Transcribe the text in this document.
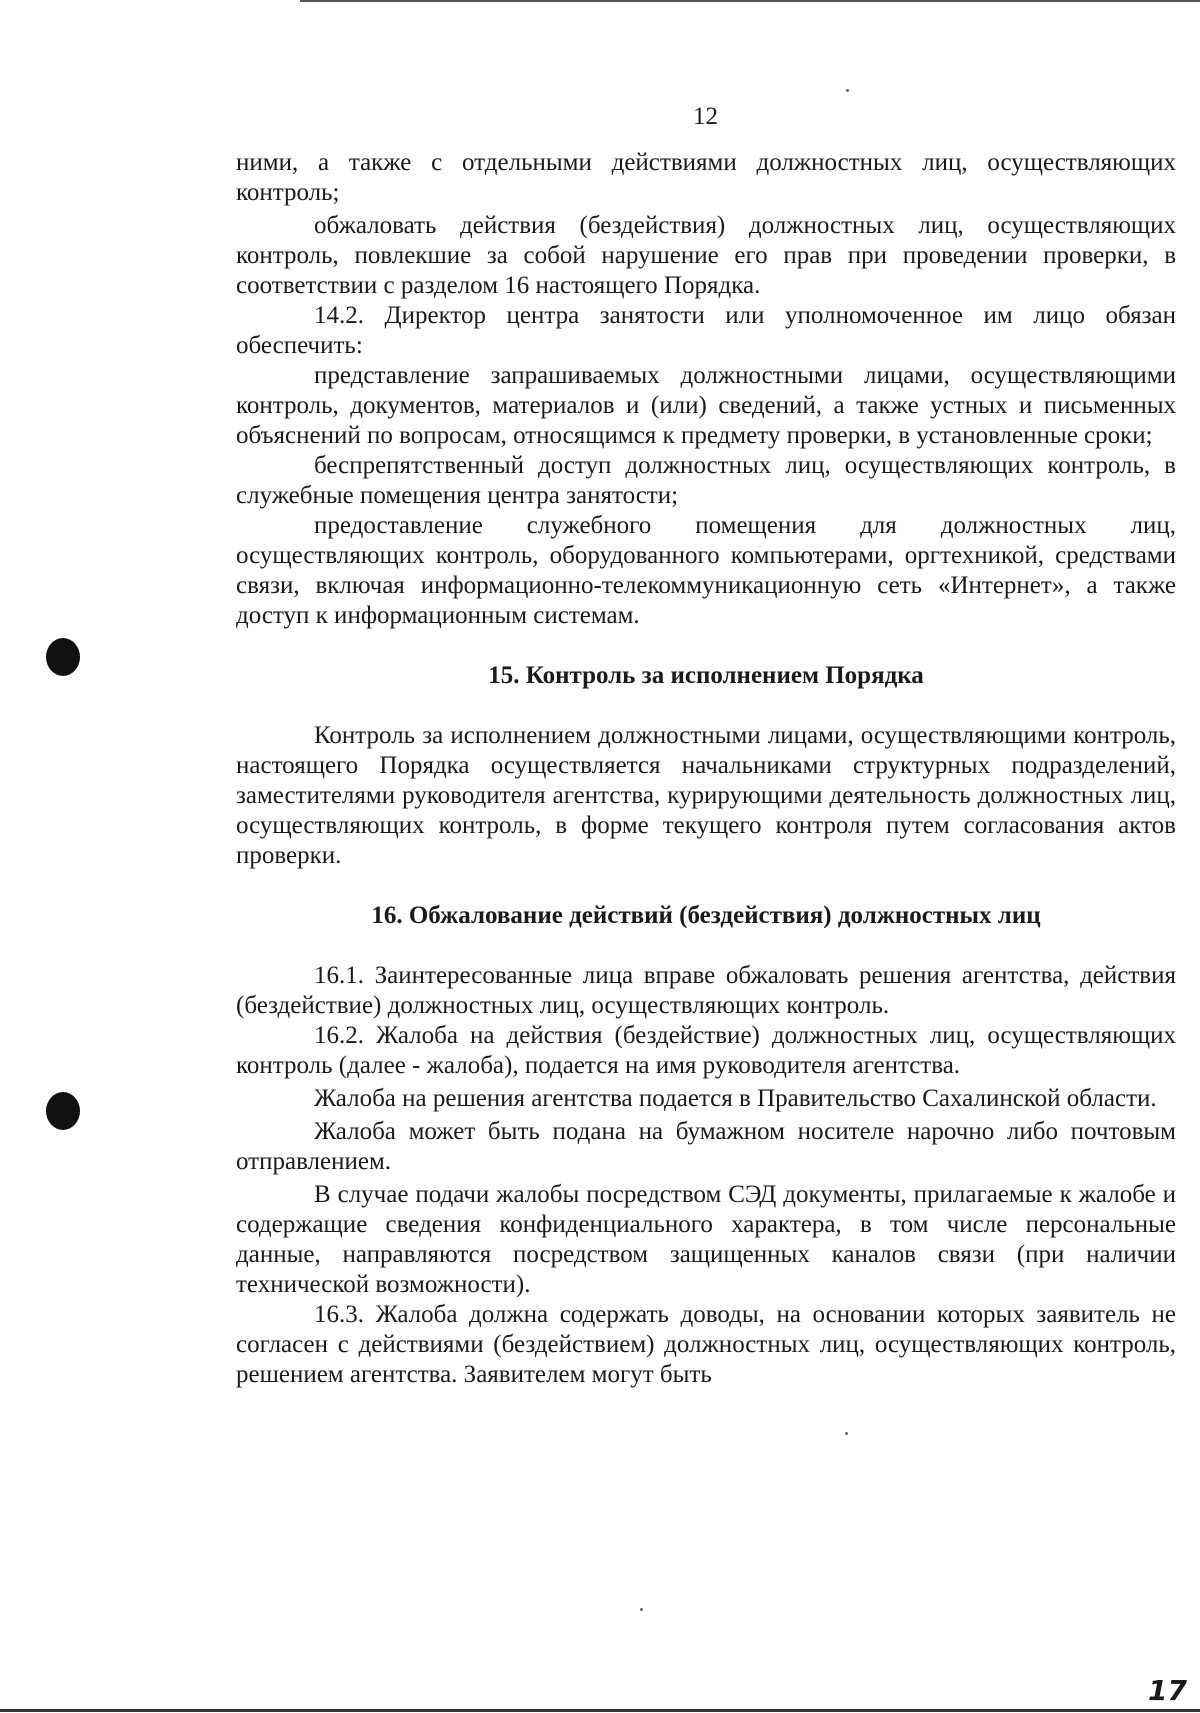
12

ними, а также с отдельными действиями должностных лиц, осуществляющих контроль;

обжаловать действия (бездействия) должностных лиц, осуществляющих контроль, повлекшие за собой нарушение его прав при проведении проверки, в соответствии с разделом 16 настоящего Порядка.

14.2. Директор центра занятости или уполномоченное им лицо обязан обеспечить:

представление запрашиваемых должностными лицами, осуществляющими контроль, документов, материалов и (или) сведений, а также устных и письменных объяснений по вопросам, относящимся к предмету проверки, в установленные сроки;

беспрепятственный доступ должностных лиц, осуществляющих контроль, в служебные помещения центра занятости;

предоставление служебного помещения для должностных лиц, осуществляющих контроль, оборудованного компьютерами, оргтехникой, средствами связи, включая информационно-телекоммуникационную сеть «Интернет», а также доступ к информационным системам.

15. Контроль за исполнением Порядка

Контроль за исполнением должностными лицами, осуществляющими контроль, настоящего Порядка осуществляется начальниками структурных подразделений, заместителями руководителя агентства, курирующими деятельность должностных лиц, осуществляющих контроль, в форме текущего контроля путем согласования актов проверки.

16. Обжалование действий (бездействия) должностных лиц

16.1. Заинтересованные лица вправе обжаловать решения агентства, действия (бездействие) должностных лиц, осуществляющих контроль.

16.2. Жалоба на действия (бездействие) должностных лиц, осуществляющих контроль (далее - жалоба), подается на имя руководителя агентства.

Жалоба на решения агентства подается в Правительство Сахалинской области.

Жалоба может быть подана на бумажном носителе нарочно либо почтовым отправлением.

В случае подачи жалобы посредством СЭД документы, прилагаемые к жалобе и содержащие сведения конфиденциального характера, в том числе персональные данные, направляются посредством защищенных каналов связи (при наличии технической возможности).

16.3. Жалоба должна содержать доводы, на основании которых заявитель не согласен с действиями (бездействием) должностных лиц, осуществляющих контроль, решением агентства. Заявителем могут быть

17
